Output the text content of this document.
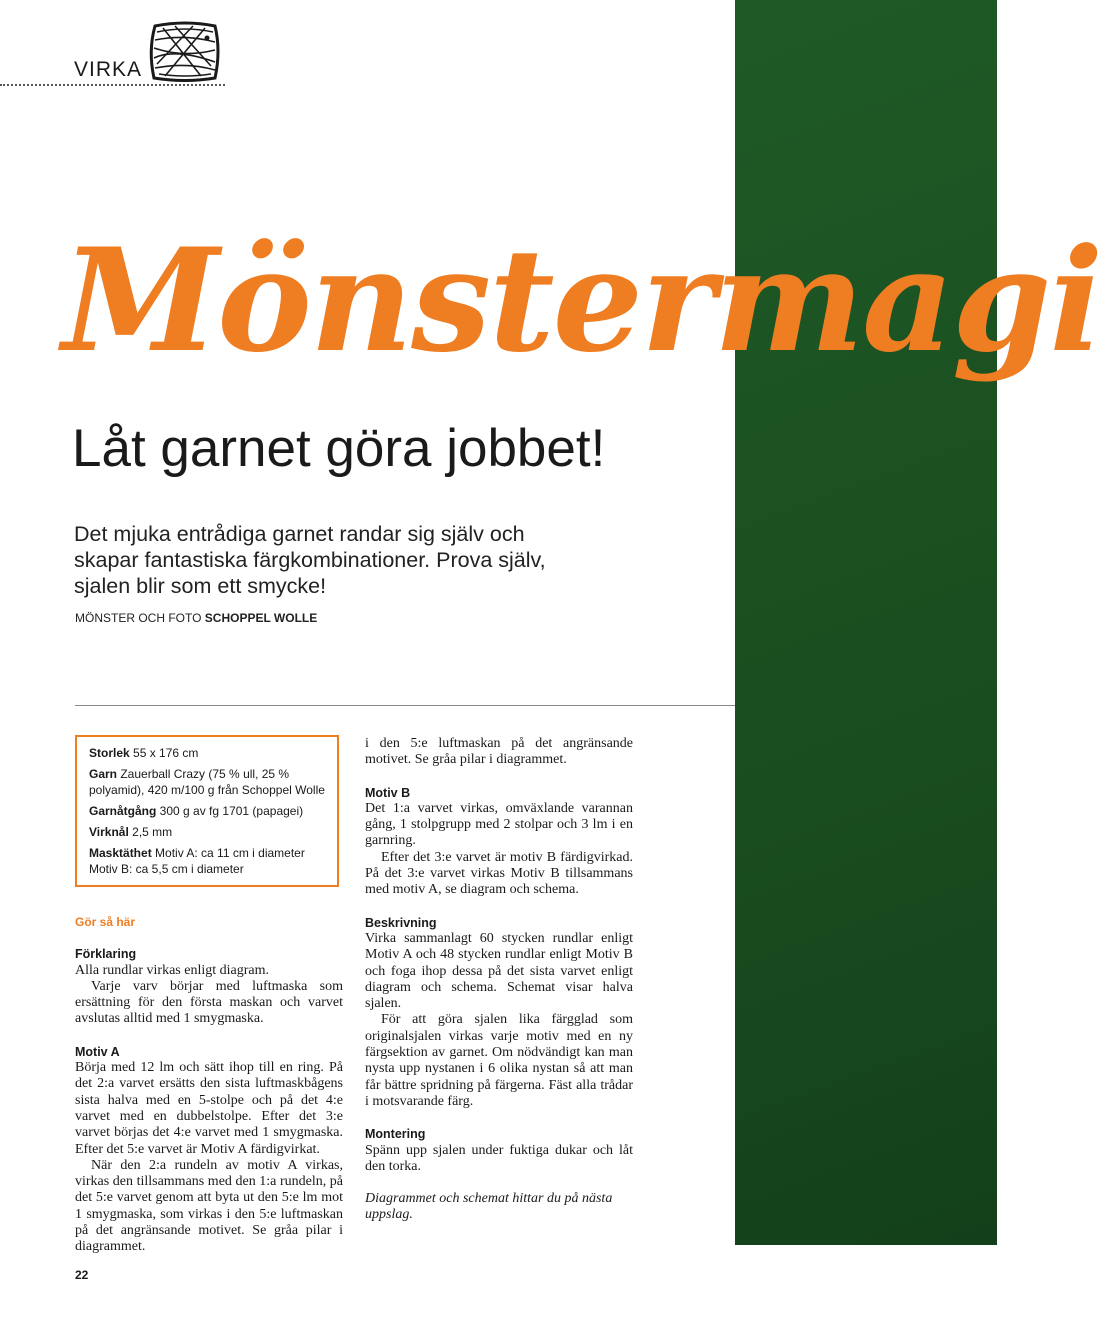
VIRKA
Mönstermagi
Låt garnet göra jobbet!
Det mjuka entrådiga garnet randar sig själv och skapar fantastiska färgkombinationer. Prova själv, sjalen blir som ett smycke!
MÖNSTER OCH FOTO SCHOPPEL WOLLE

Storlek 55 x 176 cm

Garn Zauerball Crazy (75 % ull, 25 % polyamid), 420 m/100 g från Schoppel Wolle

Garnåtgång 300 g av fg 1701 (papagei)

Virknål 2,5 mm

Masktäthet Motiv A: ca 11 cm i diameter Motiv B: ca 5,5 cm i diameter

Gör så här
Förklaring

Alla rundlar virkas enligt diagram.

Varje varv börjar med luftmaska som ersättning för den första maskan och varvet avslutas alltid med 1 smygmaska.

Motiv A

Börja med 12 lm och sätt ihop till en ring. På det 2:a varvet ersätts den sista luftmaskbågens sista halva med en 5-stolpe och på det 4:e varvet med en dubbelstolpe. Efter det 3:e varvet börjas det 4:e varvet med 1 smygmaska. Efter det 5:e varvet är Motiv A färdigvirkat.

När den 2:a rundeln av motiv A virkas, virkas den tillsammans med den 1:a rundeln, på det 5:e varvet genom att byta ut den 5:e lm mot 1 smygmaska, som virkas i den 5:e luftmaskan på det angränsande motivet. Se gråa pilar i diagrammet.

i den 5:e luftmaskan på det angränsande motivet. Se gråa pilar i diagrammet.

Motiv B

Det 1:a varvet virkas, omväxlande varannan gång, 1 stolpgrupp med 2 stolpar och 3 lm i en garnring.

Efter det 3:e varvet är motiv B färdigvirkad. På det 3:e varvet virkas Motiv B tillsammans med motiv A, se diagram och schema.

Beskrivning

Virka sammanlagt 60 stycken rundlar enligt Motiv A och 48 stycken rundlar enligt Motiv B och foga ihop dessa på det sista varvet enligt diagram och schema. Schemat visar halva sjalen.

För att göra sjalen lika färgglad som originalsjalen virkas varje motiv med en ny färgsektion av garnet. Om nödvändigt kan man nysta upp nystanen i 6 olika nystan så att man får bättre spridning på färgerna. Fäst alla trådar i motsvarande färg.

Montering

Spänn upp sjalen under fuktiga dukar och låt den torka.

Diagrammet och schemat hittar du på nästa uppslag.

22
